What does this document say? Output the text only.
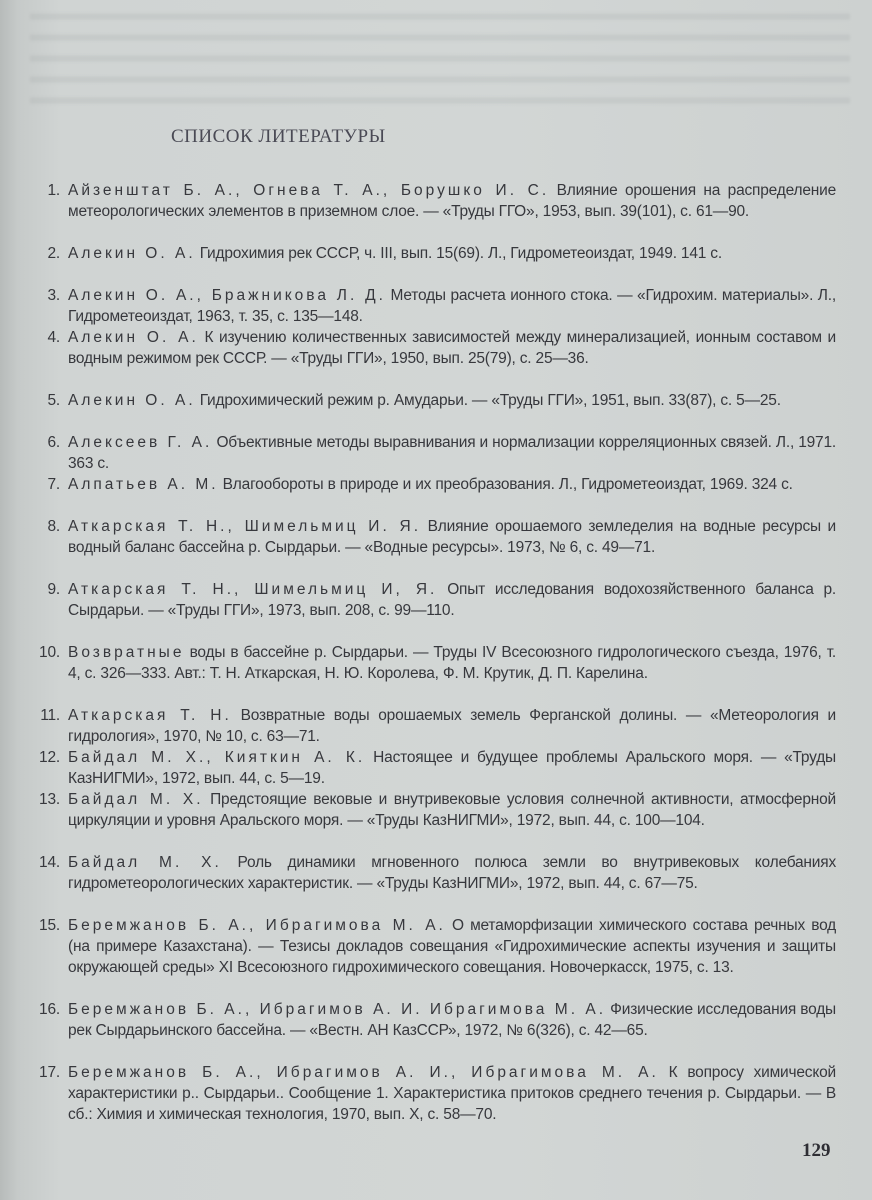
СПИСОК ЛИТЕРАТУРЫ
1. Айзенштат Б. А., Огнева Т. А., Борушко И. С. Влияние орошения на распределение метеорологических элементов в приземном слое. — «Труды ГГО», 1953, вып. 39(101), с. 61—90.
2. Алекин О. А. Гидрохимия рек СССР, ч. III, вып. 15(69). Л., Гидрометеоиздат, 1949. 141 с.
3. Алекин О. А., Бражникова Л. Д. Методы расчета ионного стока. — «Гидрохим. материалы». Л., Гидрометеоиздат, 1963, т. 35, с. 135—148.
4. Алекин О. А. К изучению количественных зависимостей между минерализацией, ионным составом и водным режимом рек СССР. — «Труды ГГИ», 1950, вып. 25(79), с. 25—36.
5. Алекин О. А. Гидрохимический режим р. Амударьи. — «Труды ГГИ», 1951, вып. 33(87), с. 5—25.
6. Алексеев Г. А. Объективные методы выравнивания и нормализации корреляционных связей. Л., 1971. 363 с.
7. Алпатьев А. М. Влагообороты в природе и их преобразования. Л., Гидрометеоиздат, 1969. 324 с.
8. Аткарская Т. Н., Шимельмиц И. Я. Влияние орошаемого земледелия на водные ресурсы и водный баланс бассейна р. Сырдарьи. — «Водные ресурсы». 1973, № 6, с. 49—71.
9. Аткарская Т. Н., Шимельмиц И, Я. Опыт исследования водохозяйственного баланса р. Сырдарьи. — «Труды ГГИ», 1973, вып. 208, с. 99—110.
10. Возвратные воды в бассейне р. Сырдарьи. — Труды IV Всесоюзного гидрологического съезда, 1976, т. 4, с. 326—333. Авт.: Т. Н. Аткарская, Н. Ю. Королева, Ф. М. Крутик, Д. П. Карелина.
11. Аткарская Т. Н. Возвратные воды орошаемых земель Ферганской долины. — «Метеорология и гидрология», 1970, № 10, с. 63—71.
12. Байдал М. Х., Кияткин А. К. Настоящее и будущее проблемы Аральского моря. — «Труды КазНИГМИ», 1972, вып. 44, с. 5—19.
13. Байдал М. Х. Предстоящие вековые и внутривековые условия солнечной активности, атмосферной циркуляции и уровня Аральского моря. — «Труды КазНИГМИ», 1972, вып. 44, с. 100—104.
14. Байдал М. Х. Роль динамики мгновенного полюса земли во внутривековых колебаниях гидрометеорологических характеристик. — «Труды КазНИГМИ», 1972, вып. 44, с. 67—75.
15. Беремжанов Б. А., Ибрагимова М. А. О метаморфизации химического состава речных вод (на примере Казахстана). — Тезисы докладов совещания «Гидрохимические аспекты изучения и защиты окружающей среды» XI Всесоюзного гидрохимического совещания. Новочеркасск, 1975, с. 13.
16. Беремжанов Б. А., Ибрагимов А. И. Ибрагимова М. А. Физические исследования воды рек Сырдарьинского бассейна. — «Вестн. АН КазССР», 1972, № 6(326), с. 42—65.
17. Беремжанов Б. А., Ибрагимов А. И., Ибрагимова М. А. К вопросу химической характеристики р.. Сырдарьи.. Сообщение 1. Характеристика притоков среднего течения р. Сырдарьи. — В сб.: Химия и химическая технология, 1970, вып. X, с. 58—70.
129
